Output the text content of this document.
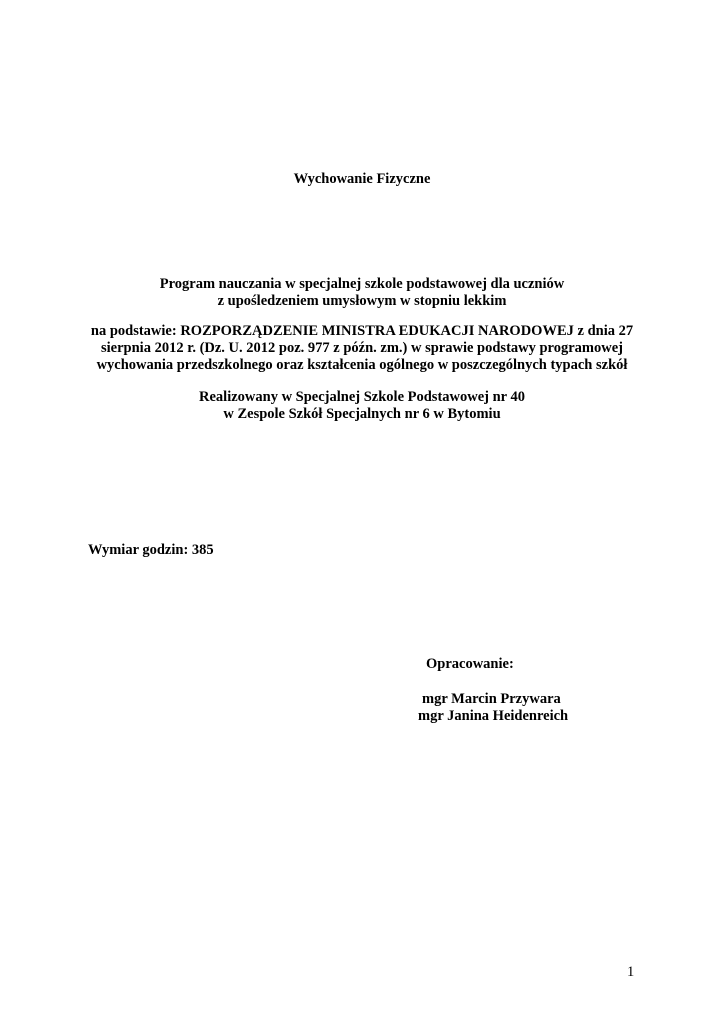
Wychowanie Fizyczne
Program nauczania w specjalnej szkole podstawowej dla uczniów
z upośledzeniem umysłowym w stopniu lekkim
na podstawie: ROZPORZĄDZENIE MINISTRA EDUKACJI NARODOWEJ z dnia 27
sierpnia 2012 r. (Dz. U. 2012 poz. 977 z późn. zm.) w sprawie podstawy programowej
wychowania przedszkolnego oraz kształcenia ogólnego w poszczególnych typach szkół
Realizowany w Specjalnej Szkole Podstawowej nr 40
w Zespole Szkół Specjalnych nr 6 w Bytomiu
Wymiar godzin: 385
Opracowanie:
mgr Marcin Przywara
mgr Janina Heidenreich
1
